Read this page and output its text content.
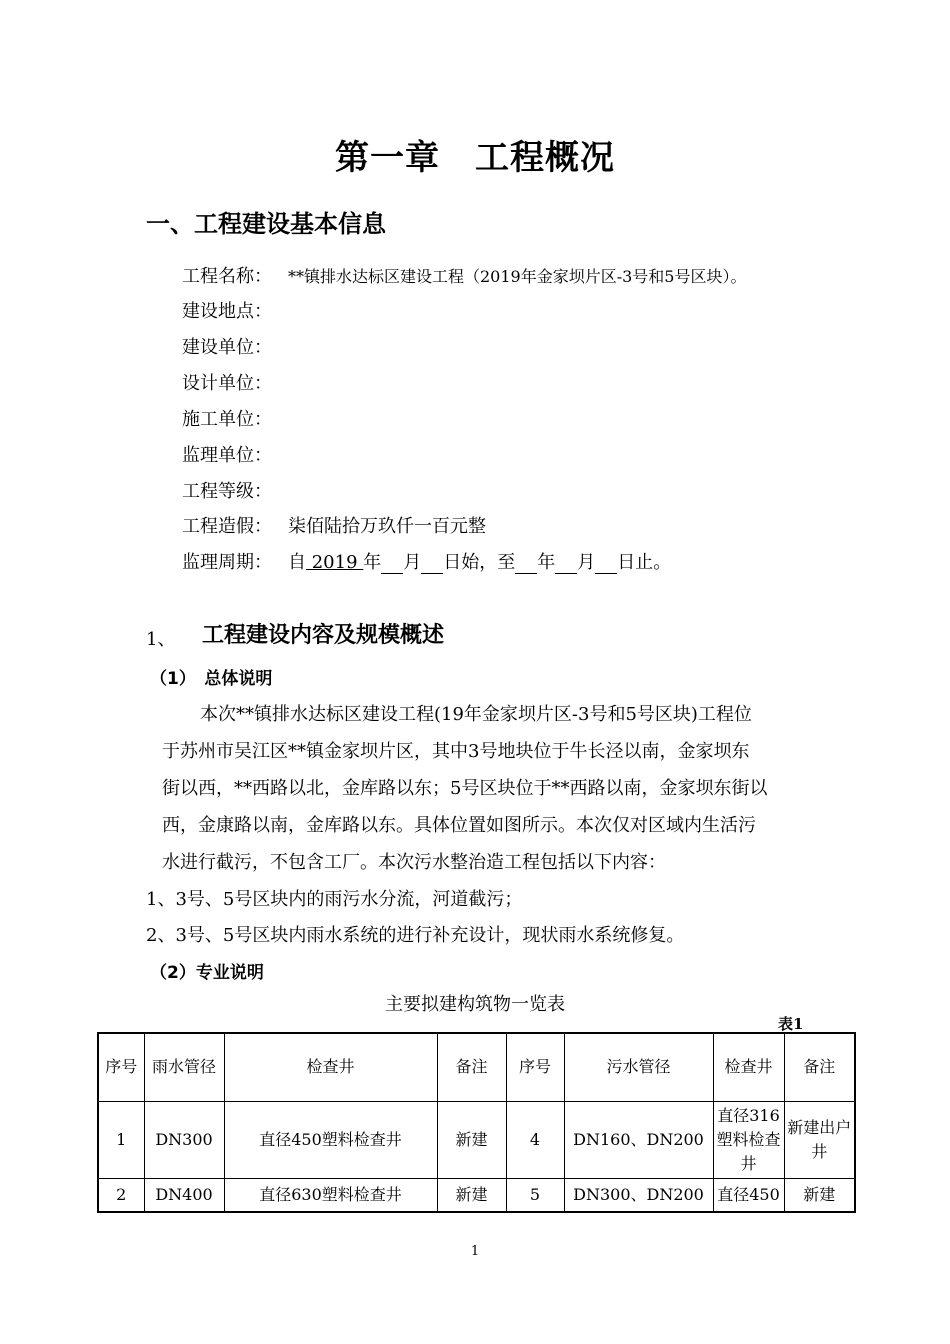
第一章　工程概况
一、工程建设基本信息
工程名称： **镇排水达标区建设工程（2019年金家坝片区-3号和5号区块）。
建设地点：
建设单位：
设计单位：
施工单位：
监理单位：
工程等级：
工程造假： 柒佰陆拾万玖仟一百元整
监理周期： 自 2019 年 月 日始，至 年 月 日止。
1、 工程建设内容及规模概述
（1）　总体说明
本次**镇排水达标区建设工程(19年金家坝片区-3号和5号区块)工程位
于苏州市吴江区**镇金家坝片区，其中3号地块位于牛长泾以南，金家坝东
街以西，**西路以北，金库路以东；5号区块位于**西路以南，金家坝东街以
西，金康路以南，金库路以东。具体位置如图所示。本次仅对区域内生活污
水进行截污，不包含工厂。本次污水整治造工程包括以下内容：
1、3号、5号区块内的雨污水分流，河道截污；
2、3号、5号区块内雨水系统的进行补充设计，现状雨水系统修复。
（2）专业说明
主要拟建构筑物一览表
表1
序号	雨水管径	检查井	备注	序号	污水管径	检查井	备注
1	DN300	直径450塑料检查井	新建	4	DN160、DN200	直径316塑料检查井	新建出户井
2	DN400	直径630塑料检查井	新建	5	DN300、DN200	直径450	新建
1
